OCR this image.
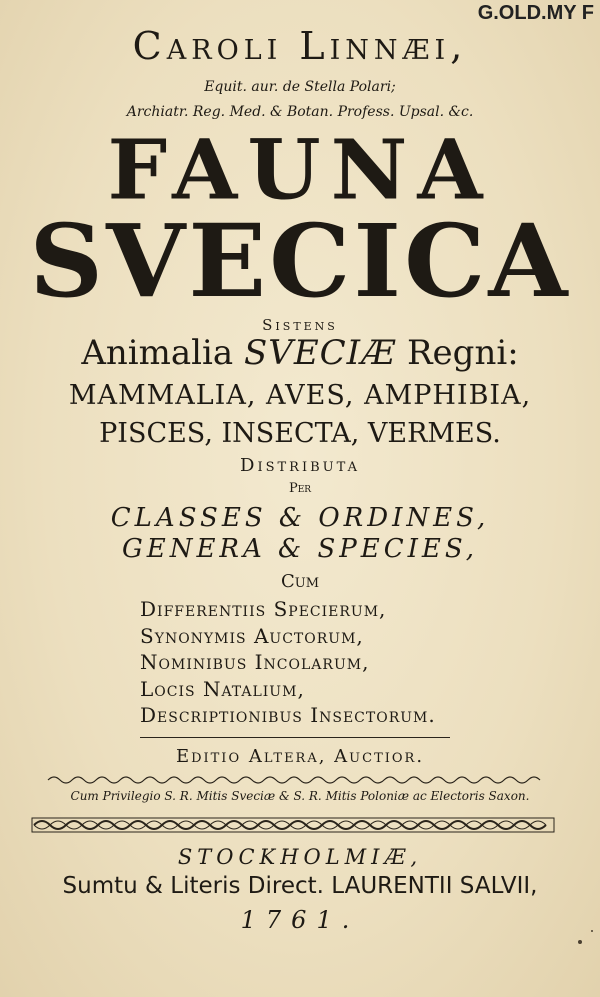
G.OLD.MY F
Caroli Linnæi,
Equit. aur. de Stella Polari;
Archiatr. Reg. Med. & Botan. Profess. Upsal. &c.
FAUNA
SVECICA
Sistens
Animalia SVECIÆ Regni:
MAMMALIA, AVES, AMPHIBIA,
PISCES, INSECTA, VERMES.
Distributa
Per
CLASSES & ORDINES,
GENERA & SPECIES,
Cum
Differentiis Specierum,
Synonymis Auctorum,
Nominibus Incolarum,
Locis Natalium,
Descriptionibus Insectorum.
Editio Altera, Auctior.
Cum Privilegio S. R. Mitis Sveciæ & S. R. Mitis Poloniæ ac Electoris Saxon.
STOCKHOLMIÆ,
Sumtu & Literis Direct. LAURENTII SALVII,
1761.
